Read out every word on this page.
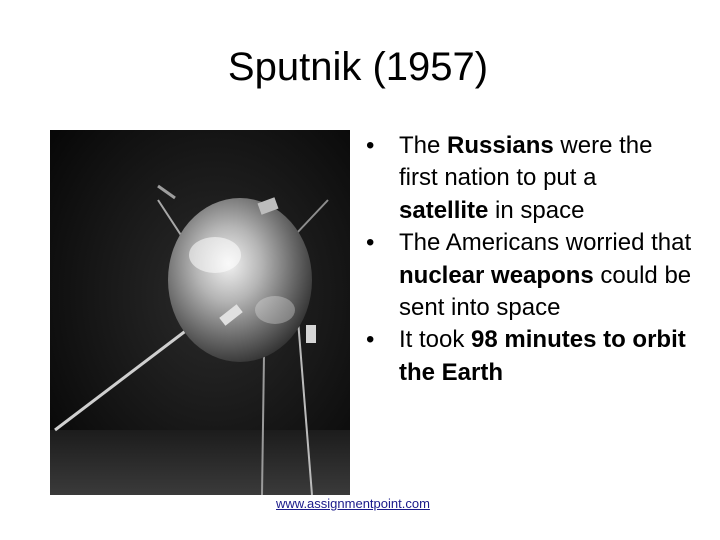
Sputnik (1957)
•	The Russians were the first nation to put a satellite in space
•	The Americans worried that nuclear weapons could be sent into space
•	It took 98 minutes to orbit the Earth
www.assignmentpoint.com
